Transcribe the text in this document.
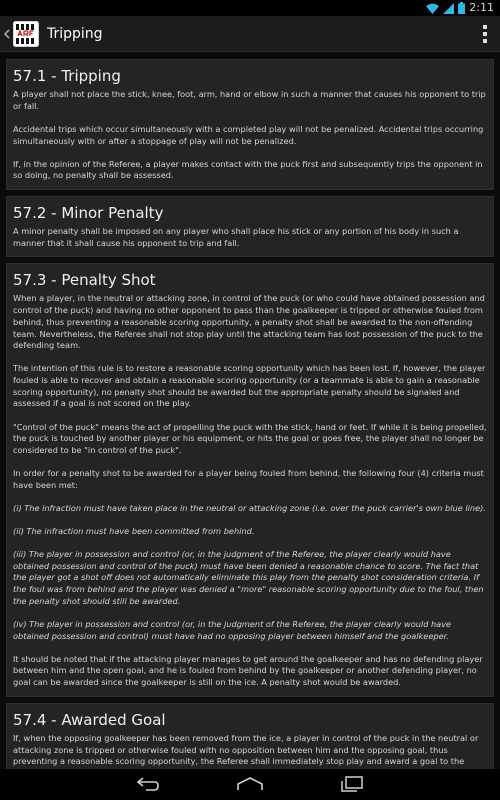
2:11
Tripping
57.1 - Tripping

A player shall not place the stick, knee, foot, arm, hand or elbow in such a manner that causes his opponent to trip or fall.

Accidental trips which occur simultaneously with a completed play will not be penalized. Accidental trips occurring simultaneously with or after a stoppage of play will not be penalized.

If, in the opinion of the Referee, a player makes contact with the puck first and subsequently trips the opponent in so doing, no penalty shall be assessed.

57.2 - Minor Penalty

A minor penalty shall be imposed on any player who shall place his stick or any portion of his body in such a manner that it shall cause his opponent to trip and fall.

57.3 - Penalty Shot

When a player, in the neutral or attacking zone, in control of the puck (or who could have obtained possession and control of the puck) and having no other opponent to pass than the goalkeeper is tripped or otherwise fouled from behind, thus preventing a reasonable scoring opportunity, a penalty shot shall be awarded to the non-offending team. Nevertheless, the Referee shall not stop play until the attacking team has lost possession of the puck to the defending team.

The intention of this rule is to restore a reasonable scoring opportunity which has been lost. If, however, the player fouled is able to recover and obtain a reasonable scoring opportunity (or a teammate is able to gain a reasonable scoring opportunity), no penalty shot should be awarded but the appropriate penalty should be signaled and assessed if a goal is not scored on the play.

"Control of the puck" means the act of propelling the puck with the stick, hand or feet. If while it is being propelled, the puck is touched by another player or his equipment, or hits the goal or goes free, the player shall no longer be considered to be "in control of the puck".

In order for a penalty shot to be awarded for a player being fouled from behind, the following four (4) criteria must have been met:

(i) The infraction must have taken place in the neutral or attacking zone (i.e. over the puck carrier's own blue line).

(ii) The infraction must have been committed from behind.

(iii) The player in possession and control (or, in the judgment of the Referee, the player clearly would have obtained possession and control of the puck) must have been denied a reasonable chance to score. The fact that the player got a shot off does not automatically eliminate this play from the penalty shot consideration criteria. If the foul was from behind and the player was denied a "more" reasonable scoring opportunity due to the foul, then the penalty shot should still be awarded.

(iv) The player in possession and control (or, in the judgment of the Referee, the player clearly would have obtained possession and control) must have had no opposing player between himself and the goalkeeper.

It should be noted that if the attacking player manages to get around the goalkeeper and has no defending player between him and the open goal, and he is fouled from behind by the goalkeeper or another defending player, no goal can be awarded since the goalkeeper is still on the ice. A penalty shot would be awarded.

57.4 - Awarded Goal

If, when the opposing goalkeeper has been removed from the ice, a player in control of the puck in the neutral or attacking zone is tripped or otherwise fouled with no opposition between him and the opposing goal, thus preventing a reasonable scoring opportunity, the Referee shall immediately stop play and award a goal to the
